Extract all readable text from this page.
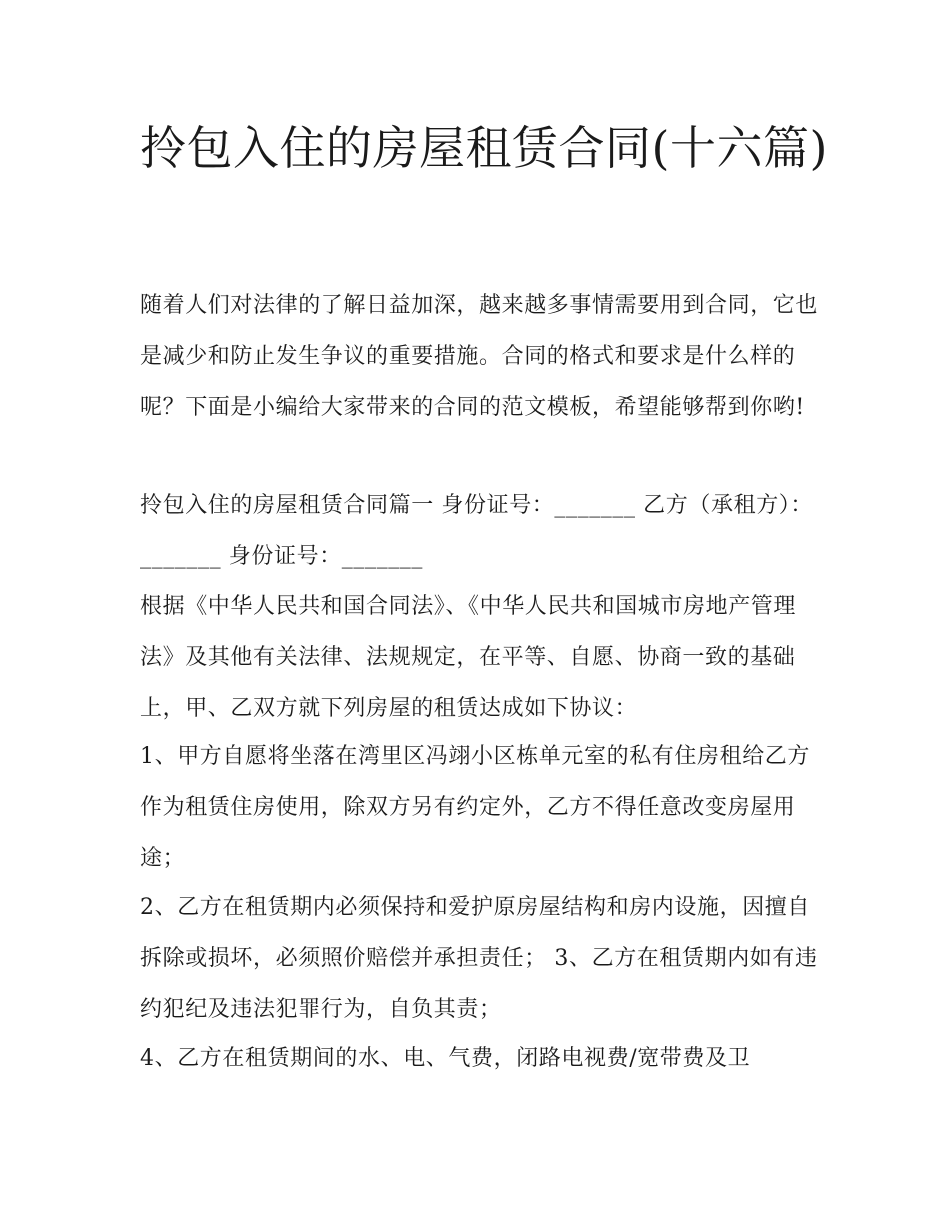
拎包入住的房屋租赁合同(十六篇)

随着人们对法律的了解日益加深，越来越多事情需要用到合同，它也是减少和防止发生争议的重要措施。合同的格式和要求是什么样的呢？下面是小编给大家带来的合同的范文模板，希望能够帮到你哟!

拎包入住的房屋租赁合同篇一 身份证号：_______ 乙方（承租方）：_______ 身份证号：_______

根据《中华人民共和国合同法》、《中华人民共和国城市房地产管理法》及其他有关法律、法规规定，在平等、自愿、协商一致的基础上，甲、乙双方就下列房屋的租赁达成如下协议：

1、甲方自愿将坐落在湾里区冯翊小区栋单元室的私有住房租给乙方作为租赁住房使用，除双方另有约定外，乙方不得任意改变房屋用途；

2、乙方在租赁期内必须保持和爱护原房屋结构和房内设施，因擅自拆除或损坏，必须照价赔偿并承担责任； 3、乙方在租赁期内如有违约犯纪及违法犯罪行为，自负其责；

4、乙方在租赁期间的水、电、气费，闭路电视费/宽带费及卫
